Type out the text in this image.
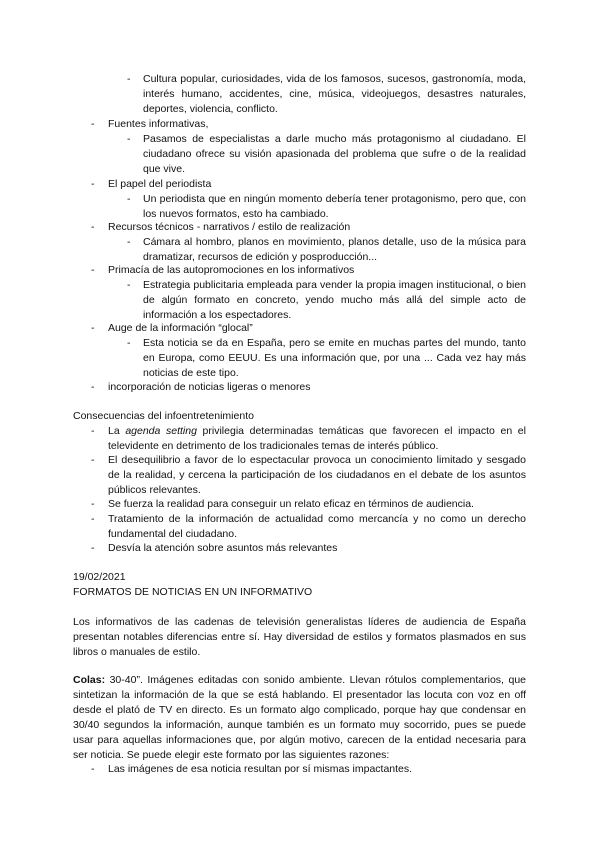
- Cultura popular, curiosidades, vida de los famosos, sucesos, gastronomía, moda, interés humano, accidentes, cine, música, videojuegos, desastres naturales, deportes, violencia, conflicto.
- Fuentes informativas,
- Pasamos de especialistas a darle mucho más protagonismo al ciudadano. El ciudadano ofrece su visión apasionada del problema que sufre o de la realidad que vive.
- El papel del periodista
- Un periodista que en ningún momento debería tener protagonismo, pero que, con los nuevos formatos, esto ha cambiado.
- Recursos técnicos - narrativos / estilo de realización
- Cámara al hombro, planos en movimiento, planos detalle, uso de la música para dramatizar, recursos de edición y posproducción...
- Primacía de las autopromociones en los informativos
- Estrategia publicitaria empleada para vender la propia imagen institucional, o bien de algún formato en concreto, yendo mucho más allá del simple acto de información a los espectadores.
- Auge de la información “glocal”
- Esta noticia se da en España, pero se emite en muchas partes del mundo, tanto en Europa, como EEUU. Es una información que, por una ... Cada vez hay más noticias de este tipo.
- incorporación de noticias ligeras o menores
Consecuencias del infoentretenimiento
- La agenda setting privilegia determinadas temáticas que favorecen el impacto en el televidente en detrimento de los tradicionales temas de interés público.
- El desequilibrio a favor de lo espectacular provoca un conocimiento limitado y sesgado de la realidad, y cercena la participación de los ciudadanos en el debate de los asuntos públicos relevantes.
- Se fuerza la realidad para conseguir un relato eficaz en términos de audiencia.
- Tratamiento de la información de actualidad como mercancía y no como un derecho fundamental del ciudadano.
- Desvía la atención sobre asuntos más relevantes
19/02/2021
FORMATOS DE NOTICIAS EN UN INFORMATIVO
Los informativos de las cadenas de televisión generalistas líderes de audiencia de España presentan notables diferencias entre sí. Hay diversidad de estilos y formatos plasmados en sus libros o manuales de estilo.
Colas: 30-40”. Imágenes editadas con sonido ambiente. Llevan rótulos complementarios, que sintetizan la información de la que se está hablando. El presentador las locuta con voz en off desde el plató de TV en directo. Es un formato algo complicado, porque hay que condensar en 30/40 segundos la información, aunque también es un formato muy socorrido, pues se puede usar para aquellas informaciones que, por algún motivo, carecen de la entidad necesaria para ser noticia. Se puede elegir este formato por las siguientes razones:
- Las imágenes de esa noticia resultan por sí mismas impactantes.
